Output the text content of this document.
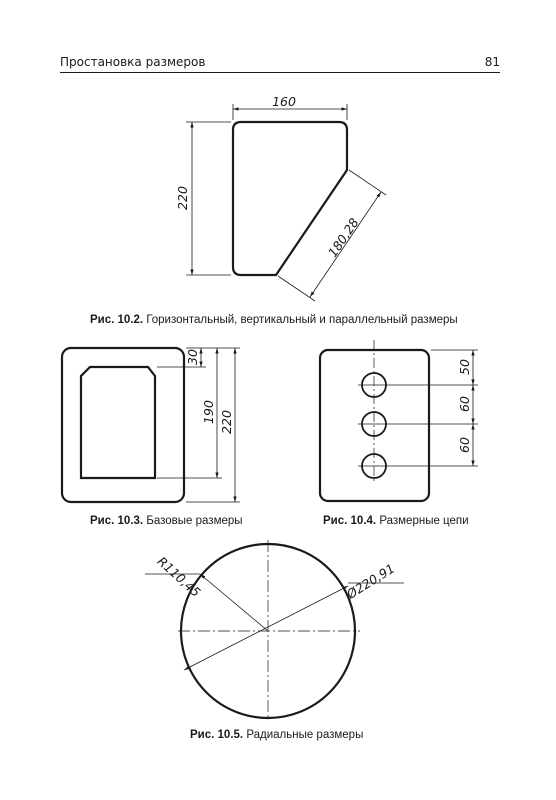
Простановка размеров	81
160
220
180,28
30
190 220
50
60
60
R110,45	Ø220,91
Рис. 10.2. Горизонтальный, вертикальный и параллельный размеры
Рис. 10.3. Базовые размеры	Рис. 10.4. Размерные цепи
Рис. 10.5. Радиальные размеры
